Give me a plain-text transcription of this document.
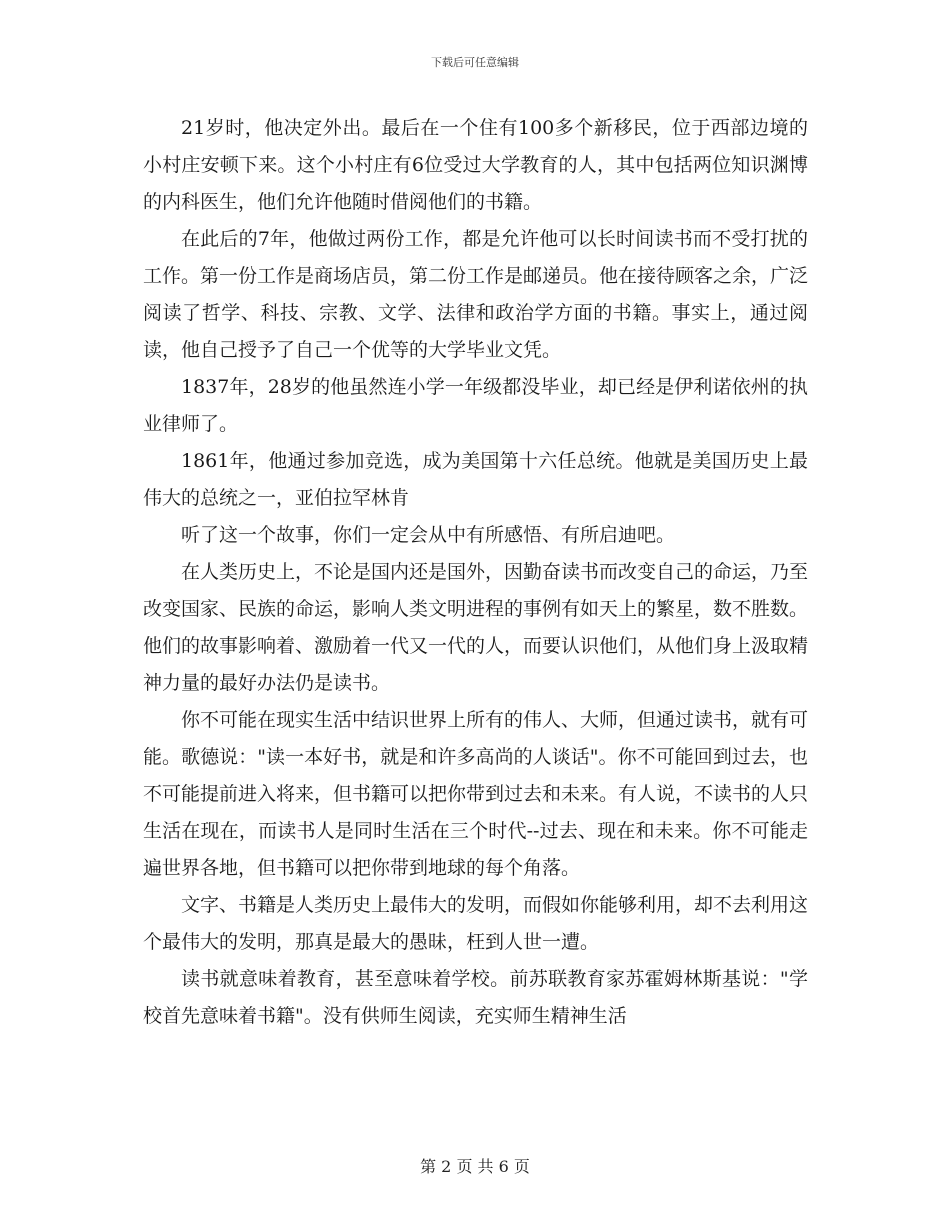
下载后可任意编辑

21岁时，他决定外出。最后在一个住有100多个新移民，位于西部边境的小村庄安顿下来。这个小村庄有6位受过大学教育的人，其中包括两位知识渊博的内科医生，他们允许他随时借阅他们的书籍。

在此后的7年，他做过两份工作，都是允许他可以长时间读书而不受打扰的工作。第一份工作是商场店员，第二份工作是邮递员。他在接待顾客之余，广泛阅读了哲学、科技、宗教、文学、法律和政治学方面的书籍。事实上，通过阅读，他自己授予了自己一个优等的大学毕业文凭。

1837年，28岁的他虽然连小学一年级都没毕业，却已经是伊利诺依州的执业律师了。

1861年，他通过参加竞选，成为美国第十六任总统。他就是美国历史上最伟大的总统之一，亚伯拉罕林肯

听了这一个故事，你们一定会从中有所感悟、有所启迪吧。

在人类历史上，不论是国内还是国外，因勤奋读书而改变自己的命运，乃至改变国家、民族的命运，影响人类文明进程的事例有如天上的繁星，数不胜数。他们的故事影响着、激励着一代又一代的人，而要认识他们，从他们身上汲取精神力量的最好办法仍是读书。

你不可能在现实生活中结识世界上所有的伟人、大师，但通过读书，就有可能。歌德说："读一本好书，就是和许多高尚的人谈话"。你不可能回到过去，也不可能提前进入将来，但书籍可以把你带到过去和未来。有人说，不读书的人只生活在现在，而读书人是同时生活在三个时代--过去、现在和未来。你不可能走遍世界各地，但书籍可以把你带到地球的每个角落。

文字、书籍是人类历史上最伟大的发明，而假如你能够利用，却不去利用这个最伟大的发明，那真是最大的愚昧，枉到人世一遭。

读书就意味着教育，甚至意味着学校。前苏联教育家苏霍姆林斯基说："学校首先意味着书籍"。没有供师生阅读，充实师生精神生活

第 2 页 共 6 页
